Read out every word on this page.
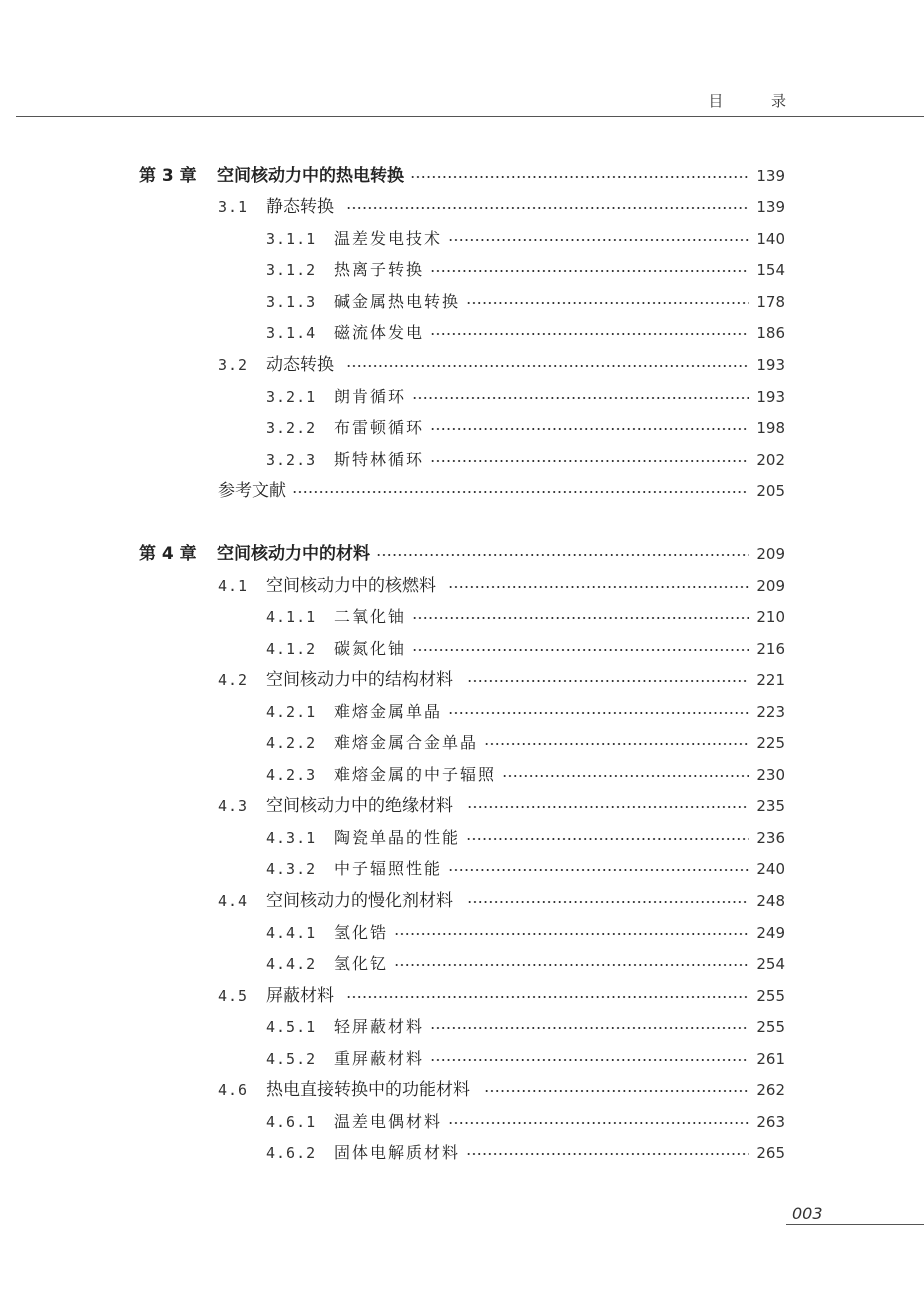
目	录
第 3 章	空间核动力中的热电转换	139
3.1	静态转换	139
3.1.1	温差发电技术	140
3.1.2	热离子转换	154
3.1.3	碱金属热电转换	178
3.1.4	磁流体发电	186
3.2	动态转换	193
3.2.1	朗肯循环	193
3.2.2	布雷顿循环	198
3.2.3	斯特林循环	202
参考文献	205
第 4 章	空间核动力中的材料	209
4.1	空间核动力中的核燃料	209
4.1.1	二氧化铀	210
4.1.2	碳氮化铀	216
4.2	空间核动力中的结构材料	221
4.2.1	难熔金属单晶	223
4.2.2	难熔金属合金单晶	225
4.2.3	难熔金属的中子辐照	230
4.3	空间核动力中的绝缘材料	235
4.3.1	陶瓷单晶的性能	236
4.3.2	中子辐照性能	240
4.4	空间核动力的慢化剂材料	248
4.4.1	氢化锆	249
4.4.2	氢化钇	254
4.5	屏蔽材料	255
4.5.1	轻屏蔽材料	255
4.5.2	重屏蔽材料	261
4.6	热电直接转换中的功能材料	262
4.6.1	温差电偶材料	263
4.6.2	固体电解质材料	265
003
